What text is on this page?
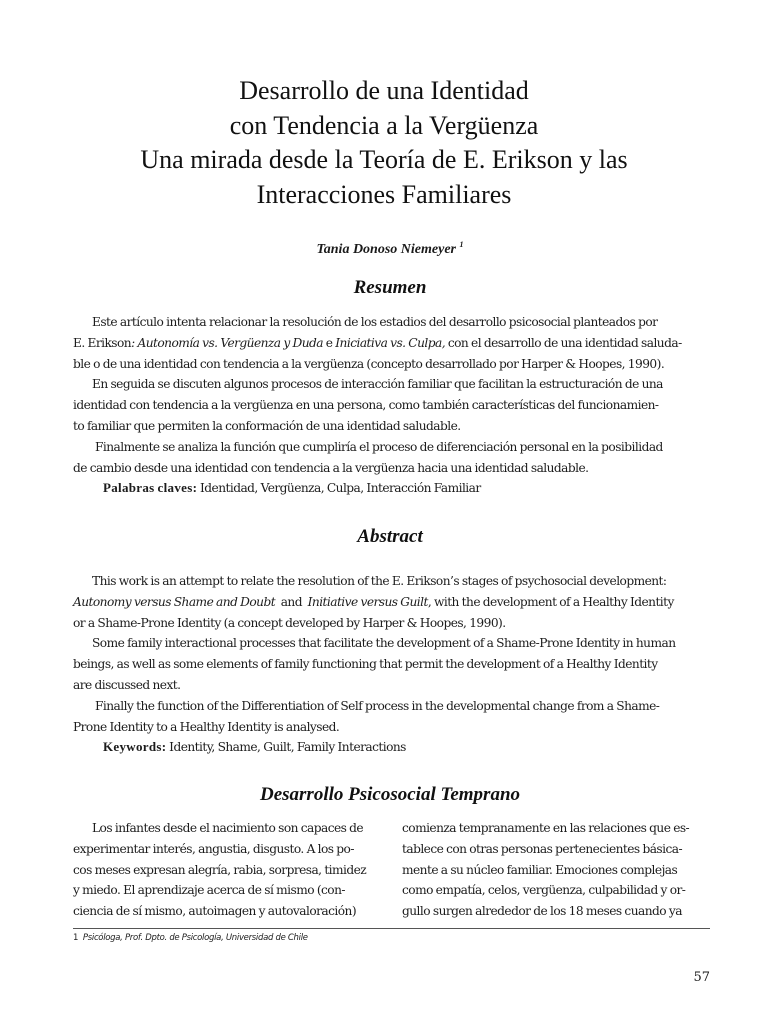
Desarrollo de una Identidad
con Tendencia a la Vergüenza
Una mirada desde la Teoría de E. Erikson y las
Interacciones Familiares
Tania Donoso Niemeyer $^1$
Resumen
Este artículo intenta relacionar la resolución de los estadios del desarrollo psicosocial planteados por
E. Erikson : Autonomía vs. Vergüenza y Duda e Iniciativa vs. Culpa, con el desarrollo de una identidad saluda-
ble o de una identidad con tendencia a la vergüenza (concepto desarrollado por Harper & Hoopes, 1990).
En seguida se discuten algunos procesos de interacción familiar que facilitan la estructuración de una
identidad con tendencia a la vergüenza en una persona, como también características del funcionamien-
to familiar que permiten la conformación de una identidad saludable.
Finalmente se analiza la función que cumpliría el proceso de diferenciación personal en la posibilidad
de cambio desde una identidad con tendencia a la vergüenza hacia una identidad saludable.
Palabras claves: Identidad, Vergüenza, Culpa, Interacción Familiar
Abstract
This work is an attempt to relate the resolution of the E. Erikson’s stages of psychosocial development:
Autonomy versus Shame and Doubt and Initiative versus Guilt , with the development of a Healthy Identity
or a Shame-Prone Identity (a concept developed by Harper & Hoopes, 1990).
Some family interactional processes that facilitate the development of a Shame-Prone Identity in human
beings, as well as some elements of family functioning that permit the development of a Healthy Identity
are discussed next.
Finally the function of the Differentiation of Self process in the developmental change from a Shame-
Prone Identity to a Healthy Identity is analysed.
Keywords: Identity, Shame, Guilt, Family Interactions
Desarrollo Psicosocial Temprano
Los infantes desde el nacimiento son capaces de
experimentar interés, angustia, disgusto. A los po-
cos meses expresan alegría, rabia, sorpresa, timidez
y miedo. El aprendizaje acerca de sí mismo (con-
ciencia de sí mismo, autoimagen y autovaloración)
comienza tempranamente en las relaciones que es-
tablece con otras personas pertenecientes básica-
mente a su núcleo familiar. Emociones complejas
como empatía, celos, vergüenza, culpabilidad y or-
gullo surgen alrededor de los 18 meses cuando ya
1 Psicóloga, Prof. Dpto. de Psicología, Universidad de Chile
57
